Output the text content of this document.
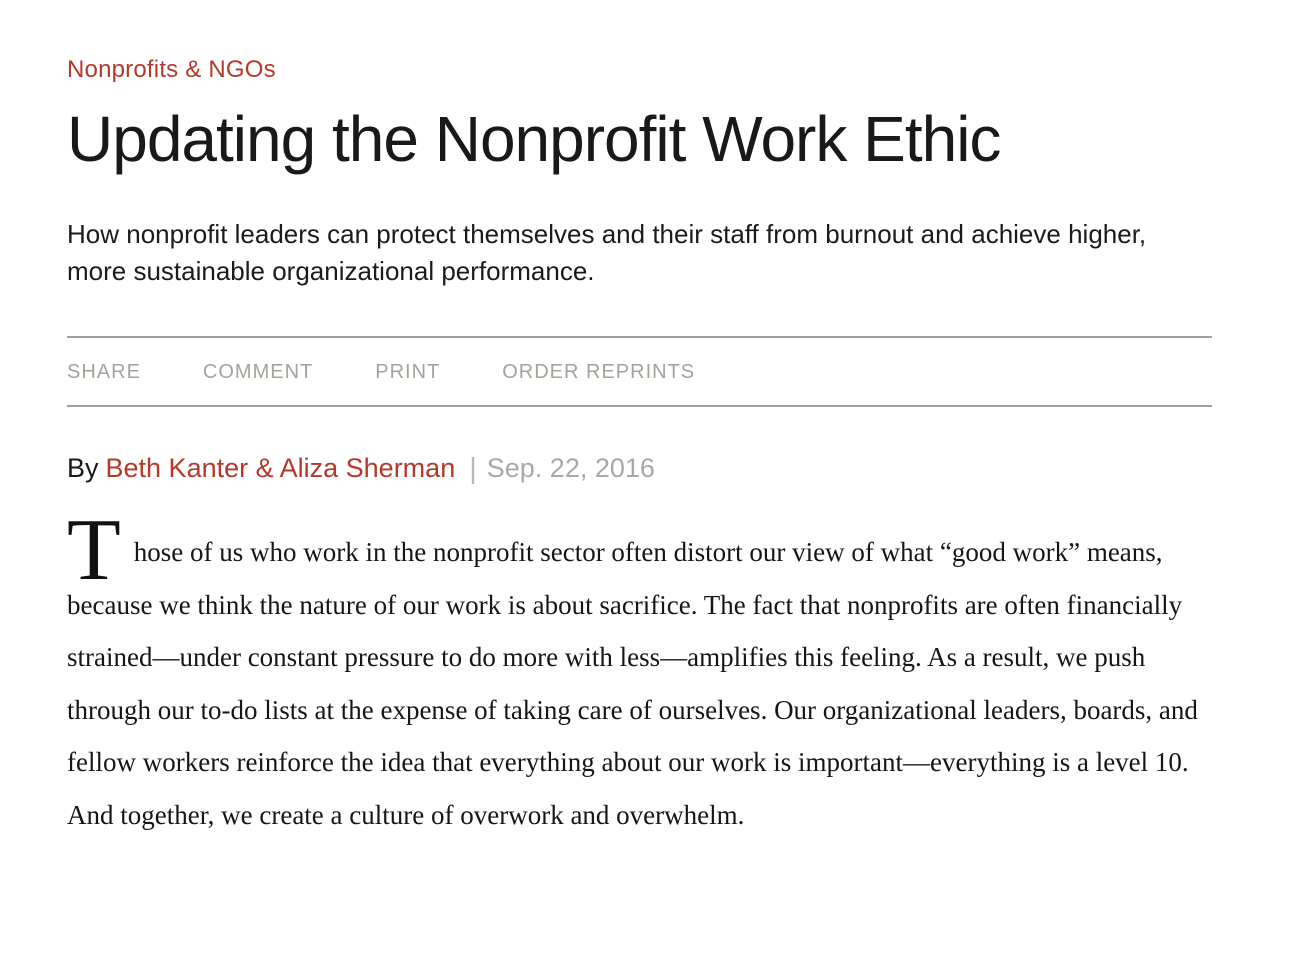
Nonprofits & NGOs
Updating the Nonprofit Work Ethic

How nonprofit leaders can protect themselves and their staff from burnout and achieve higher, more sustainable organizational performance.

SHARE	COMMENT	PRINT	ORDER REPRINTS
By Beth Kanter & Aliza Sherman | Sep. 22, 2016

Those of us who work in the nonprofit sector often distort our view of what “good work” means, because we think the nature of our work is about sacrifice. The fact that nonprofits are often financially strained—under constant pressure to do more with less—amplifies this feeling. As a result, we push through our to-do lists at the expense of taking care of ourselves. Our organizational leaders, boards, and fellow workers reinforce the idea that everything about our work is important—everything is a level 10. And together, we create a culture of overwork and overwhelm.
